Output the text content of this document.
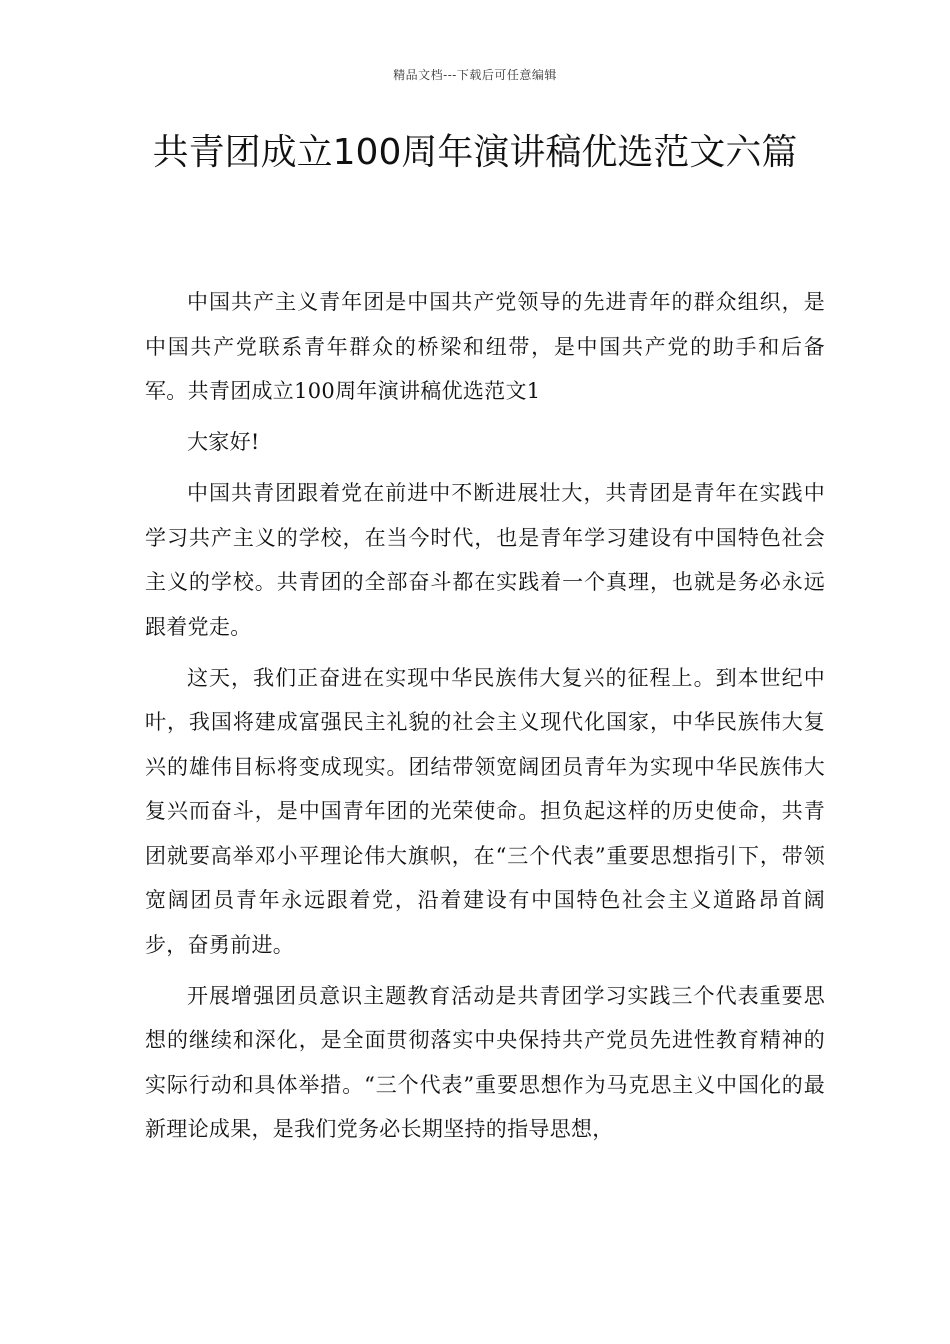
精品文档---下载后可任意编辑
共青团成立100周年演讲稿优选范文六篇

中国共产主义青年团是中国共产党领导的先进青年的群众组织，是中国共产党联系青年群众的桥梁和纽带，是中国共产党的助手和后备军。共青团成立100周年演讲稿优选范文1

大家好!

中国共青团跟着党在前进中不断进展壮大，共青团是青年在实践中学习共产主义的学校，在当今时代，也是青年学习建设有中国特色社会主义的学校。共青团的全部奋斗都在实践着一个真理，也就是务必永远跟着党走。

这天，我们正奋进在实现中华民族伟大复兴的征程上。到本世纪中叶，我国将建成富强民主礼貌的社会主义现代化国家，中华民族伟大复兴的雄伟目标将变成现实。团结带领宽阔团员青年为实现中华民族伟大复兴而奋斗，是中国青年团的光荣使命。担负起这样的历史使命，共青团就要高举邓小平理论伟大旗帜，在“三个代表”重要思想指引下，带领宽阔团员青年永远跟着党，沿着建设有中国特色社会主义道路昂首阔步，奋勇前进。

开展增强团员意识主题教育活动是共青团学习实践三个代表重要思想的继续和深化，是全面贯彻落实中央保持共产党员先进性教育精神的实际行动和具体举措。“三个代表”重要思想作为马克思主义中国化的最 新理论成果，是我们党务必长期坚持的指导思想，
